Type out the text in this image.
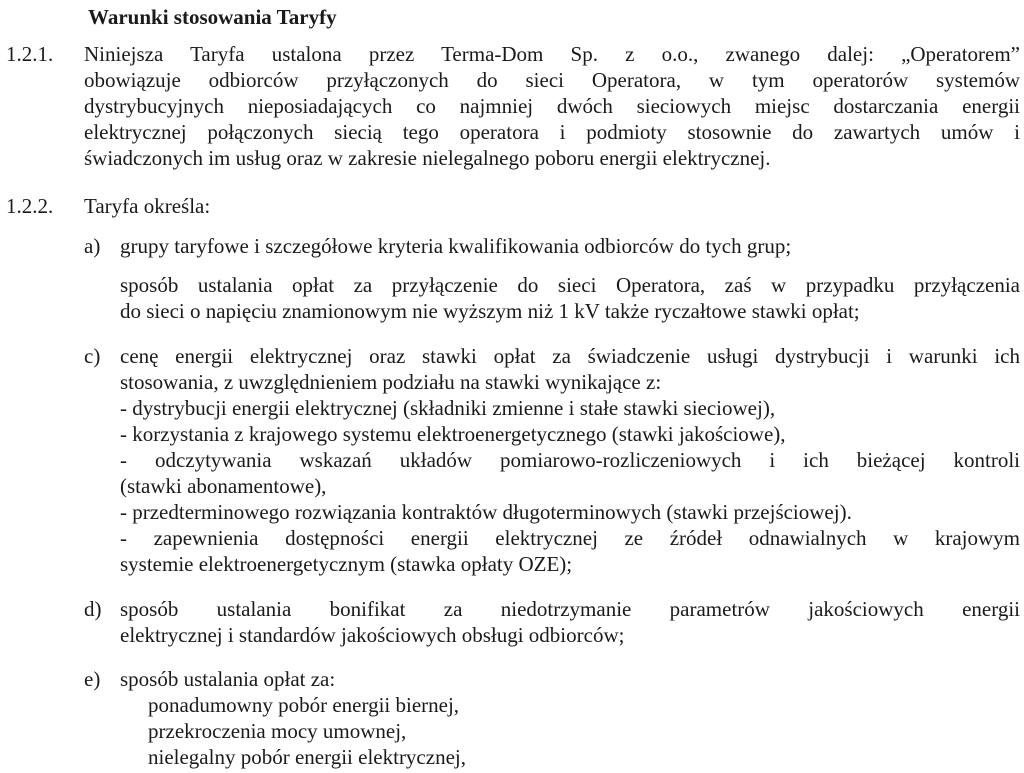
Warunki stosowania Taryfy
1.2.1. Niniejsza Taryfa ustalona przez Terma-Dom Sp. z o.o., zwanego dalej: „Operatorem”
obowiązuje odbiorców przyłączonych do sieci Operatora, w tym operatorów systemów
dystrybucyjnych nieposiadających co najmniej dwóch sieciowych miejsc dostarczania energii
elektrycznej połączonych siecią tego operatora i podmioty stosownie do zawartych umów i
świadczonych im usług oraz w zakresie nielegalnego poboru energii elektrycznej.
1.2.2. Taryfa określa:
a) grupy taryfowe i szczegółowe kryteria kwalifikowania odbiorców do tych grup;
sposób ustalania opłat za przyłączenie do sieci Operatora, zaś w przypadku przyłączenia
do sieci o napięciu znamionowym nie wyższym niż 1 kV także ryczałtowe stawki opłat;
c) cenę energii elektrycznej oraz stawki opłat za świadczenie usługi dystrybucji i warunki ich
stosowania, z uwzględnieniem podziału na stawki wynikające z:
- dystrybucji energii elektrycznej (składniki zmienne i stałe stawki sieciowej),
- korzystania z krajowego systemu elektroenergetycznego (stawki jakościowe),
- odczytywania wskazań układów pomiarowo-rozliczeniowych i ich bieżącej kontroli
(stawki abonamentowe),
- przedterminowego rozwiązania kontraktów długoterminowych (stawki przejściowej).
- zapewnienia dostępności energii elektrycznej ze źródeł odnawialnych w krajowym
systemie elektroenergetycznym (stawka opłaty OZE);
d) sposób ustalania bonifikat za niedotrzymanie parametrów jakościowych energii
elektrycznej i standardów jakościowych obsługi odbiorców;
e) sposób ustalania opłat za:
ponadumowny pobór energii biernej,
przekroczenia mocy umownej,
nielegalny pobór energii elektrycznej,
